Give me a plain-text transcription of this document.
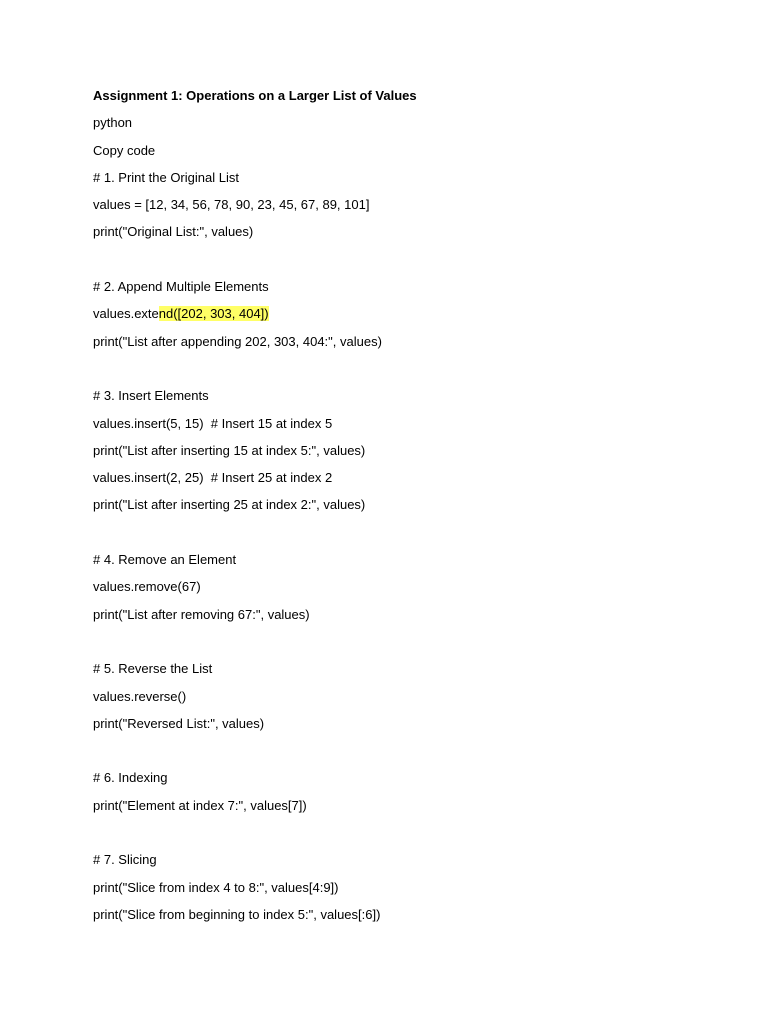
Assignment 1: Operations on a Larger List of Values
python
Copy code
# 1. Print the Original List
values = [12, 34, 56, 78, 90, 23, 45, 67, 89, 101]
print("Original List:", values)
# 2. Append Multiple Elements
values.extend([202, 303, 404])
print("List after appending 202, 303, 404:", values)
# 3. Insert Elements
values.insert(5, 15)  # Insert 15 at index 5
print("List after inserting 15 at index 5:", values)
values.insert(2, 25)  # Insert 25 at index 2
print("List after inserting 25 at index 2:", values)
# 4. Remove an Element
values.remove(67)
print("List after removing 67:", values)
# 5. Reverse the List
values.reverse()
print("Reversed List:", values)
# 6. Indexing
print("Element at index 7:", values[7])
# 7. Slicing
print("Slice from index 4 to 8:", values[4:9])
print("Slice from beginning to index 5:", values[:6])
